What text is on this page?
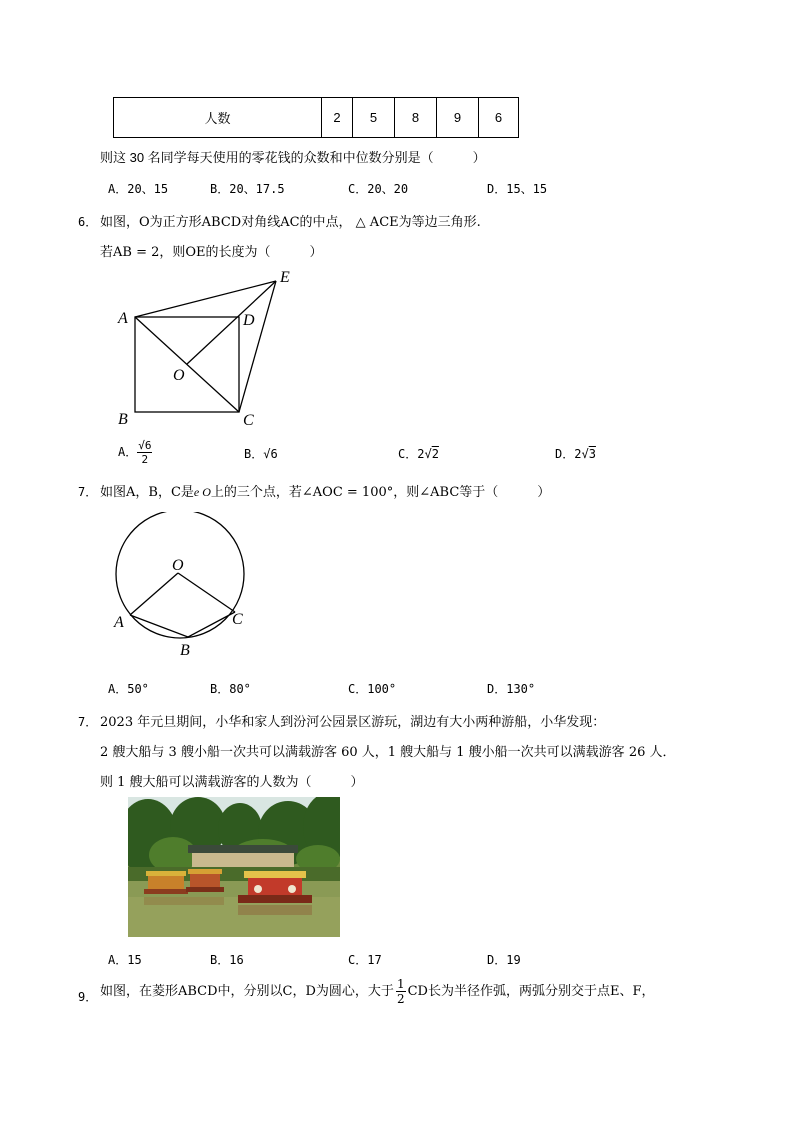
人数	2	5	8	9	6
则这 30 名同学每天使用的零花钱的众数和中位数分别是（　　　）
A．20、15	B．20、17.5	C．20、20	D．15、15
6． 如图，O为正方形ABCD对角线AC的中点， △ ACE为等边三角形.
若AB = 2，则OE的长度为（　　　）
A	D
E
O
B	C
A． $\frac{√6}{2}$	B．√6	C．2√2	D．2√3
7． 如图A，B，C是e O上的三个点，若∠AOC = 100°，则∠ABC等于（　　　）
O
A	C
B
A．50°	B．80°	C．100°	D．130°
7． 2023 年元旦期间，小华和家人到汾河公园景区游玩，湖边有大小两种游船，小华发现：
2 艘大船与 3 艘小船一次共可以满载游客 60 人，1 艘大船与 1 艘小船一次共可以满载游客 26 人．
则 1 艘大船可以满载游客的人数为（　　　）
A．15	B．16	C．17	D．19
9． 如图，在菱形ABCD中，分别以C，D为圆心，大于 $\frac{1}{2}$ CD长为半径作弧，两弧分别交于点E、F，
